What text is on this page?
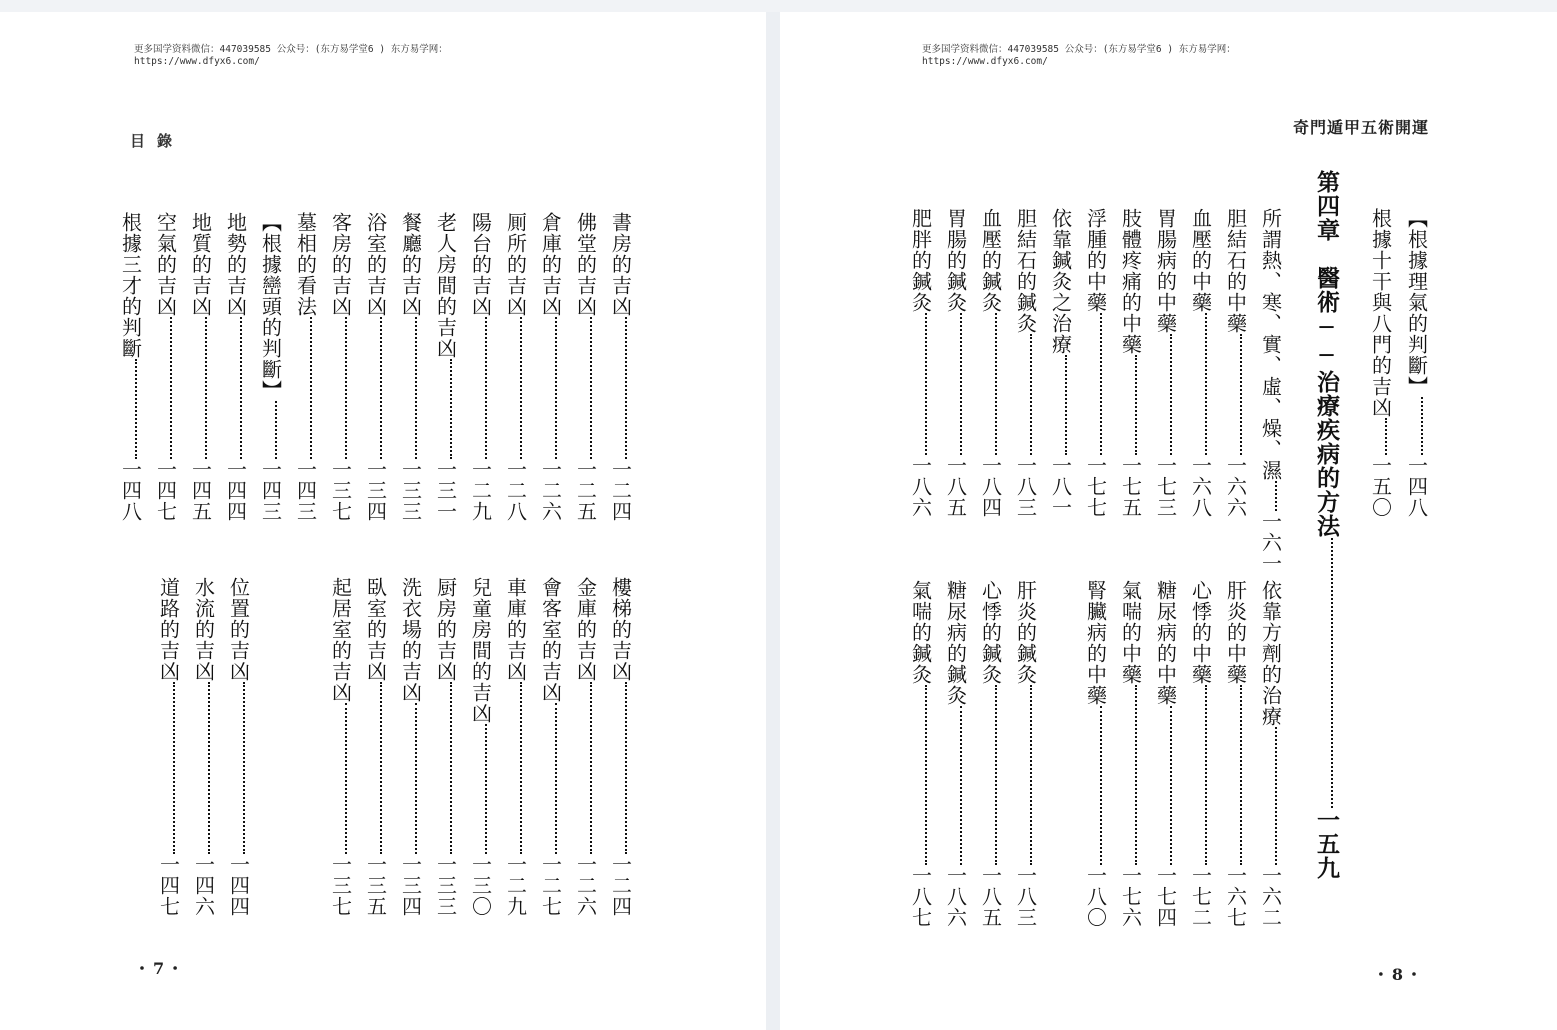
更多国学资料微信：447039585 公众号：(东方易学堂6 ) 东方易学网：
https://www.dfyx6.com/
目錄
書房的吉凶一二四
佛堂的吉凶一二五
倉庫的吉凶一二六
厠所的吉凶一二八
陽台的吉凶一二九
老人房間的吉凶一三一
餐廳的吉凶一三三
浴室的吉凶一三四
客房的吉凶一三七
墓相的看法一四三
【根據巒頭的判斷】一四三
地勢的吉凶一四四
地質的吉凶一四五
空氣的吉凶一四七
根據三才的判斷一四八
樓梯的吉凶一二四
金庫的吉凶一二六
會客室的吉凶一二七
車庫的吉凶一二九
兒童房間的吉凶一三〇
厨房的吉凶一三三
洗衣場的吉凶一三四
臥室的吉凶一三五
起居室的吉凶一三七
位置的吉凶一四四
水流的吉凶一四六
道路的吉凶一四七
・7・
更多国学资料微信：447039585 公众号：(东方易学堂6 ) 东方易学网：
https://www.dfyx6.com/
奇門遁甲五術開運
【根據理氣的判斷】一四八
根據十干與八門的吉凶一五〇
所謂熱、寒、實、虛、燥、濕一六一
胆結石的中藥一六六
血壓的中藥一六八
胃腸病的中藥一七三
肢體疼痛的中藥一七五
浮腫的中藥一七七
依靠鍼灸之治療一八一
胆結石的鍼灸一八三
血壓的鍼灸一八四
胃腸的鍼灸一八五
肥胖的鍼灸一八六	第四章　醫術──治療疾病的方法一五九
依靠方劑的治療一六二
肝炎的中藥一六七
心悸的中藥一七二
糖尿病的中藥一七四
氣喘的中藥一七六
腎臟病的中藥一八〇
肝炎的鍼灸一八三
心悸的鍼灸一八五
糖尿病的鍼灸一八六
氣喘的鍼灸一八七
・8・
